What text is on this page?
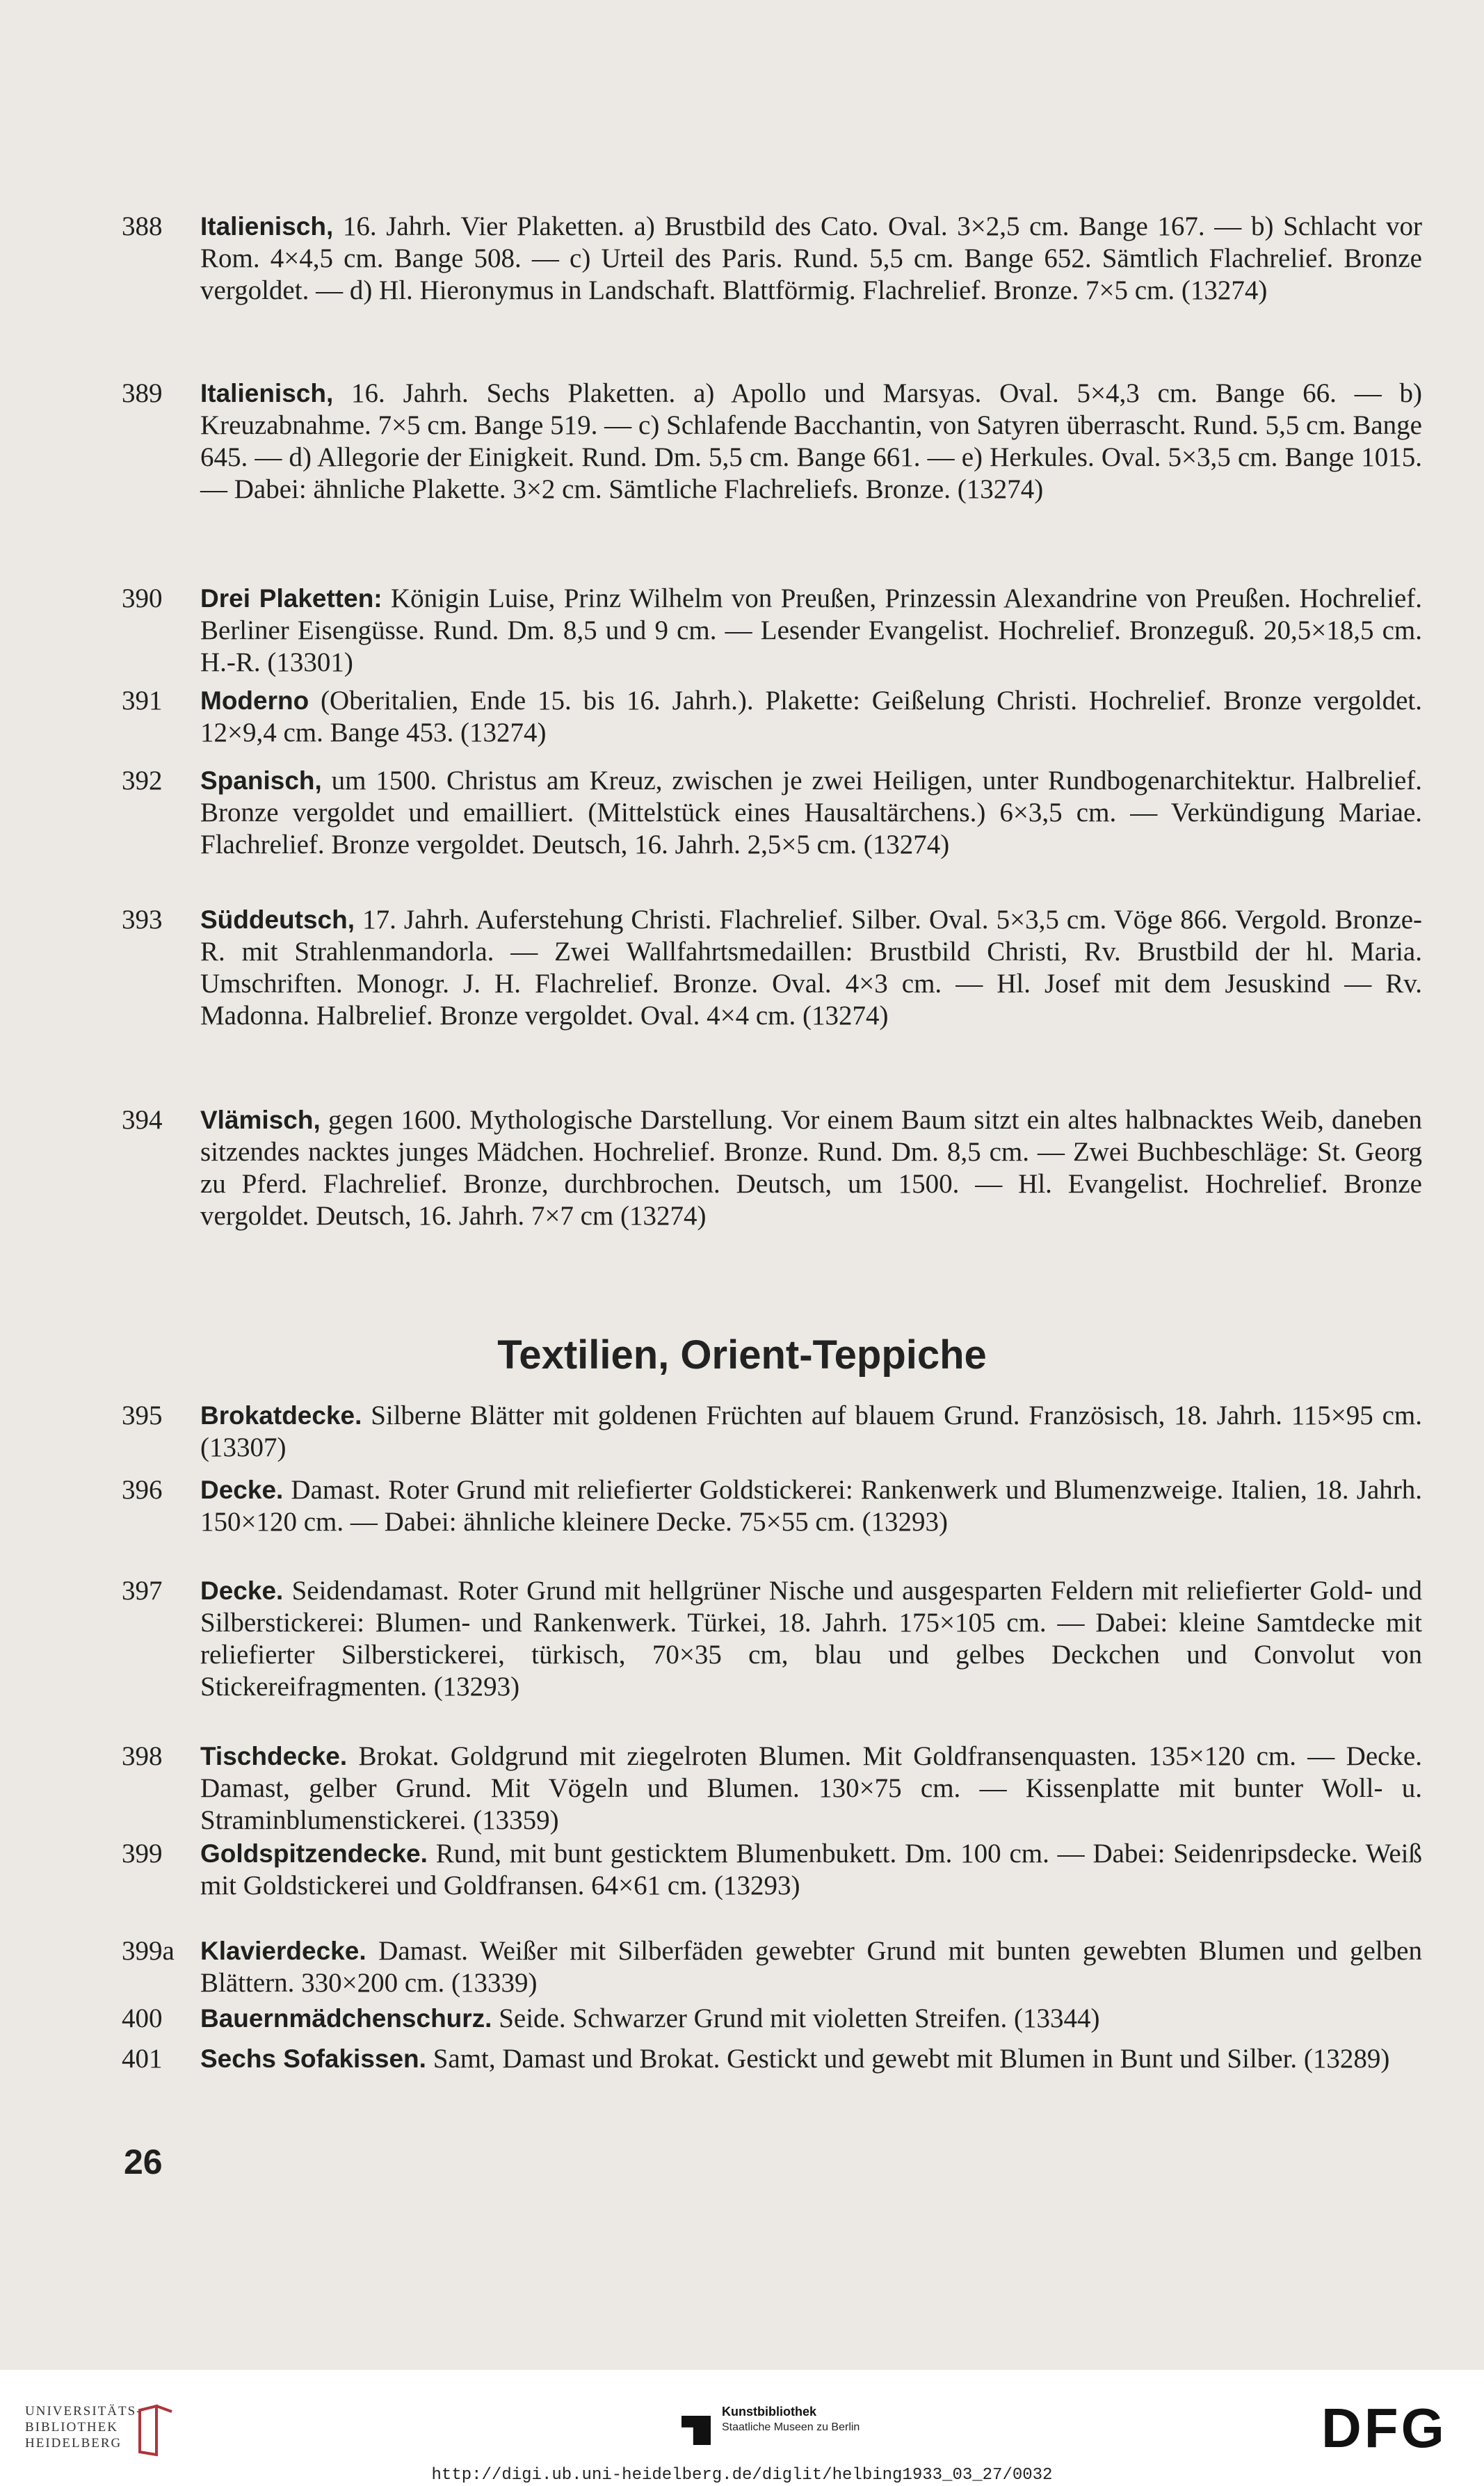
388	Italienisch, 16. Jahrh. Vier Plaketten. a) Brustbild des Cato. Oval. 3×2,5 cm. Bange 167. — b) Schlacht vor Rom. 4×4,5 cm. Bange 508. — c) Urteil des Paris. Rund. 5,5 cm. Bange 652. Sämtlich Flachrelief. Bronze vergoldet. — d) Hl. Hieronymus in Landschaft. Blattförmig. Flachrelief. Bronze. 7×5 cm. (13274)
389	Italienisch, 16. Jahrh. Sechs Plaketten. a) Apollo und Marsyas. Oval. 5×4,3 cm. Bange 66. — b) Kreuzabnahme. 7×5 cm. Bange 519. — c) Schlafende Bacchantin, von Satyren überrascht. Rund. 5,5 cm. Bange 645. — d) Allegorie der Einigkeit. Rund. Dm. 5,5 cm. Bange 661. — e) Herkules. Oval. 5×3,5 cm. Bange 1015. — Dabei: ähnliche Plakette. 3×2 cm. Sämtliche Flachreliefs. Bronze. (13274)
390	Drei Plaketten: Königin Luise, Prinz Wilhelm von Preußen, Prinzessin Alexandrine von Preußen. Hochrelief. Berliner Eisengüsse. Rund. Dm. 8,5 und 9 cm. — Lesender Evangelist. Hochrelief. Bronzeguß. 20,5×18,5 cm. H.-R. (13301)
391	Moderno (Oberitalien, Ende 15. bis 16. Jahrh.). Plakette: Geißelung Christi. Hochrelief. Bronze vergoldet. 12×9,4 cm. Bange 453. (13274)
392	Spanisch, um 1500. Christus am Kreuz, zwischen je zwei Heiligen, unter Rundbogenarchitektur. Halbrelief. Bronze vergoldet und emailliert. (Mittelstück eines Hausaltärchens.) 6×3,5 cm. — Verkündigung Mariae. Flachrelief. Bronze vergoldet. Deutsch, 16. Jahrh. 2,5×5 cm. (13274)
393	Süddeutsch, 17. Jahrh. Auferstehung Christi. Flachrelief. Silber. Oval. 5×3,5 cm. Vöge 866. Vergold. Bronze-R. mit Strahlenmandorla. — Zwei Wallfahrtsmedaillen: Brustbild Christi, Rv. Brustbild der hl. Maria. Umschriften. Monogr. J. H. Flachrelief. Bronze. Oval. 4×3 cm. — Hl. Josef mit dem Jesuskind — Rv. Madonna. Halbrelief. Bronze vergoldet. Oval. 4×4 cm. (13274)
394	Vlämisch, gegen 1600. Mythologische Darstellung. Vor einem Baum sitzt ein altes halbnacktes Weib, daneben sitzendes nacktes junges Mädchen. Hochrelief. Bronze. Rund. Dm. 8,5 cm. — Zwei Buchbeschläge: St. Georg zu Pferd. Flachrelief. Bronze, durchbrochen. Deutsch, um 1500. — Hl. Evangelist. Hochrelief. Bronze vergoldet. Deutsch, 16. Jahrh. 7×7 cm (13274)
Textilien, Orient-Teppiche
395	Brokatdecke. Silberne Blätter mit goldenen Früchten auf blauem Grund. Französisch, 18. Jahrh. 115×95 cm. (13307)
396	Decke. Damast. Roter Grund mit reliefierter Goldstickerei: Rankenwerk und Blumenzweige. Italien, 18. Jahrh. 150×120 cm. — Dabei: ähnliche kleinere Decke. 75×55 cm. (13293)
397	Decke. Seidendamast. Roter Grund mit hellgrüner Nische und ausgesparten Feldern mit reliefierter Gold- und Silberstickerei: Blumen- und Rankenwerk. Türkei, 18. Jahrh. 175×105 cm. — Dabei: kleine Samtdecke mit reliefierter Silberstickerei, türkisch, 70×35 cm, blau und gelbes Deckchen und Convolut von Stickereifragmenten. (13293)
398	Tischdecke. Brokat. Goldgrund mit ziegelroten Blumen. Mit Goldfransenquasten. 135×120 cm. — Decke. Damast, gelber Grund. Mit Vögeln und Blumen. 130×75 cm. — Kissenplatte mit bunter Woll- u. Straminblumenstickerei. (13359)
399	Goldspitzendecke. Rund, mit bunt gesticktem Blumenbukett. Dm. 100 cm. — Dabei: Seidenripsdecke. Weiß mit Goldstickerei und Goldfransen. 64×61 cm. (13293)
399a	Klavierdecke. Damast. Weißer mit Silberfäden gewebter Grund mit bunten gewebten Blumen und gelben Blättern. 330×200 cm. (13339)
400	Bauernmädchenschurz. Seide. Schwarzer Grund mit violetten Streifen. (13344)
401	Sechs Sofakissen. Samt, Damast und Brokat. Gestickt und gewebt mit Blumen in Bunt und Silber. (13289)
26
UNIVERSITÄTS-
BIBLIOTHEK
HEIDELBERG
Kunstbibliothek
Staatliche Museen zu Berlin	DFG
http://digi.ub.uni-heidelberg.de/diglit/helbing1933_03_27/0032
